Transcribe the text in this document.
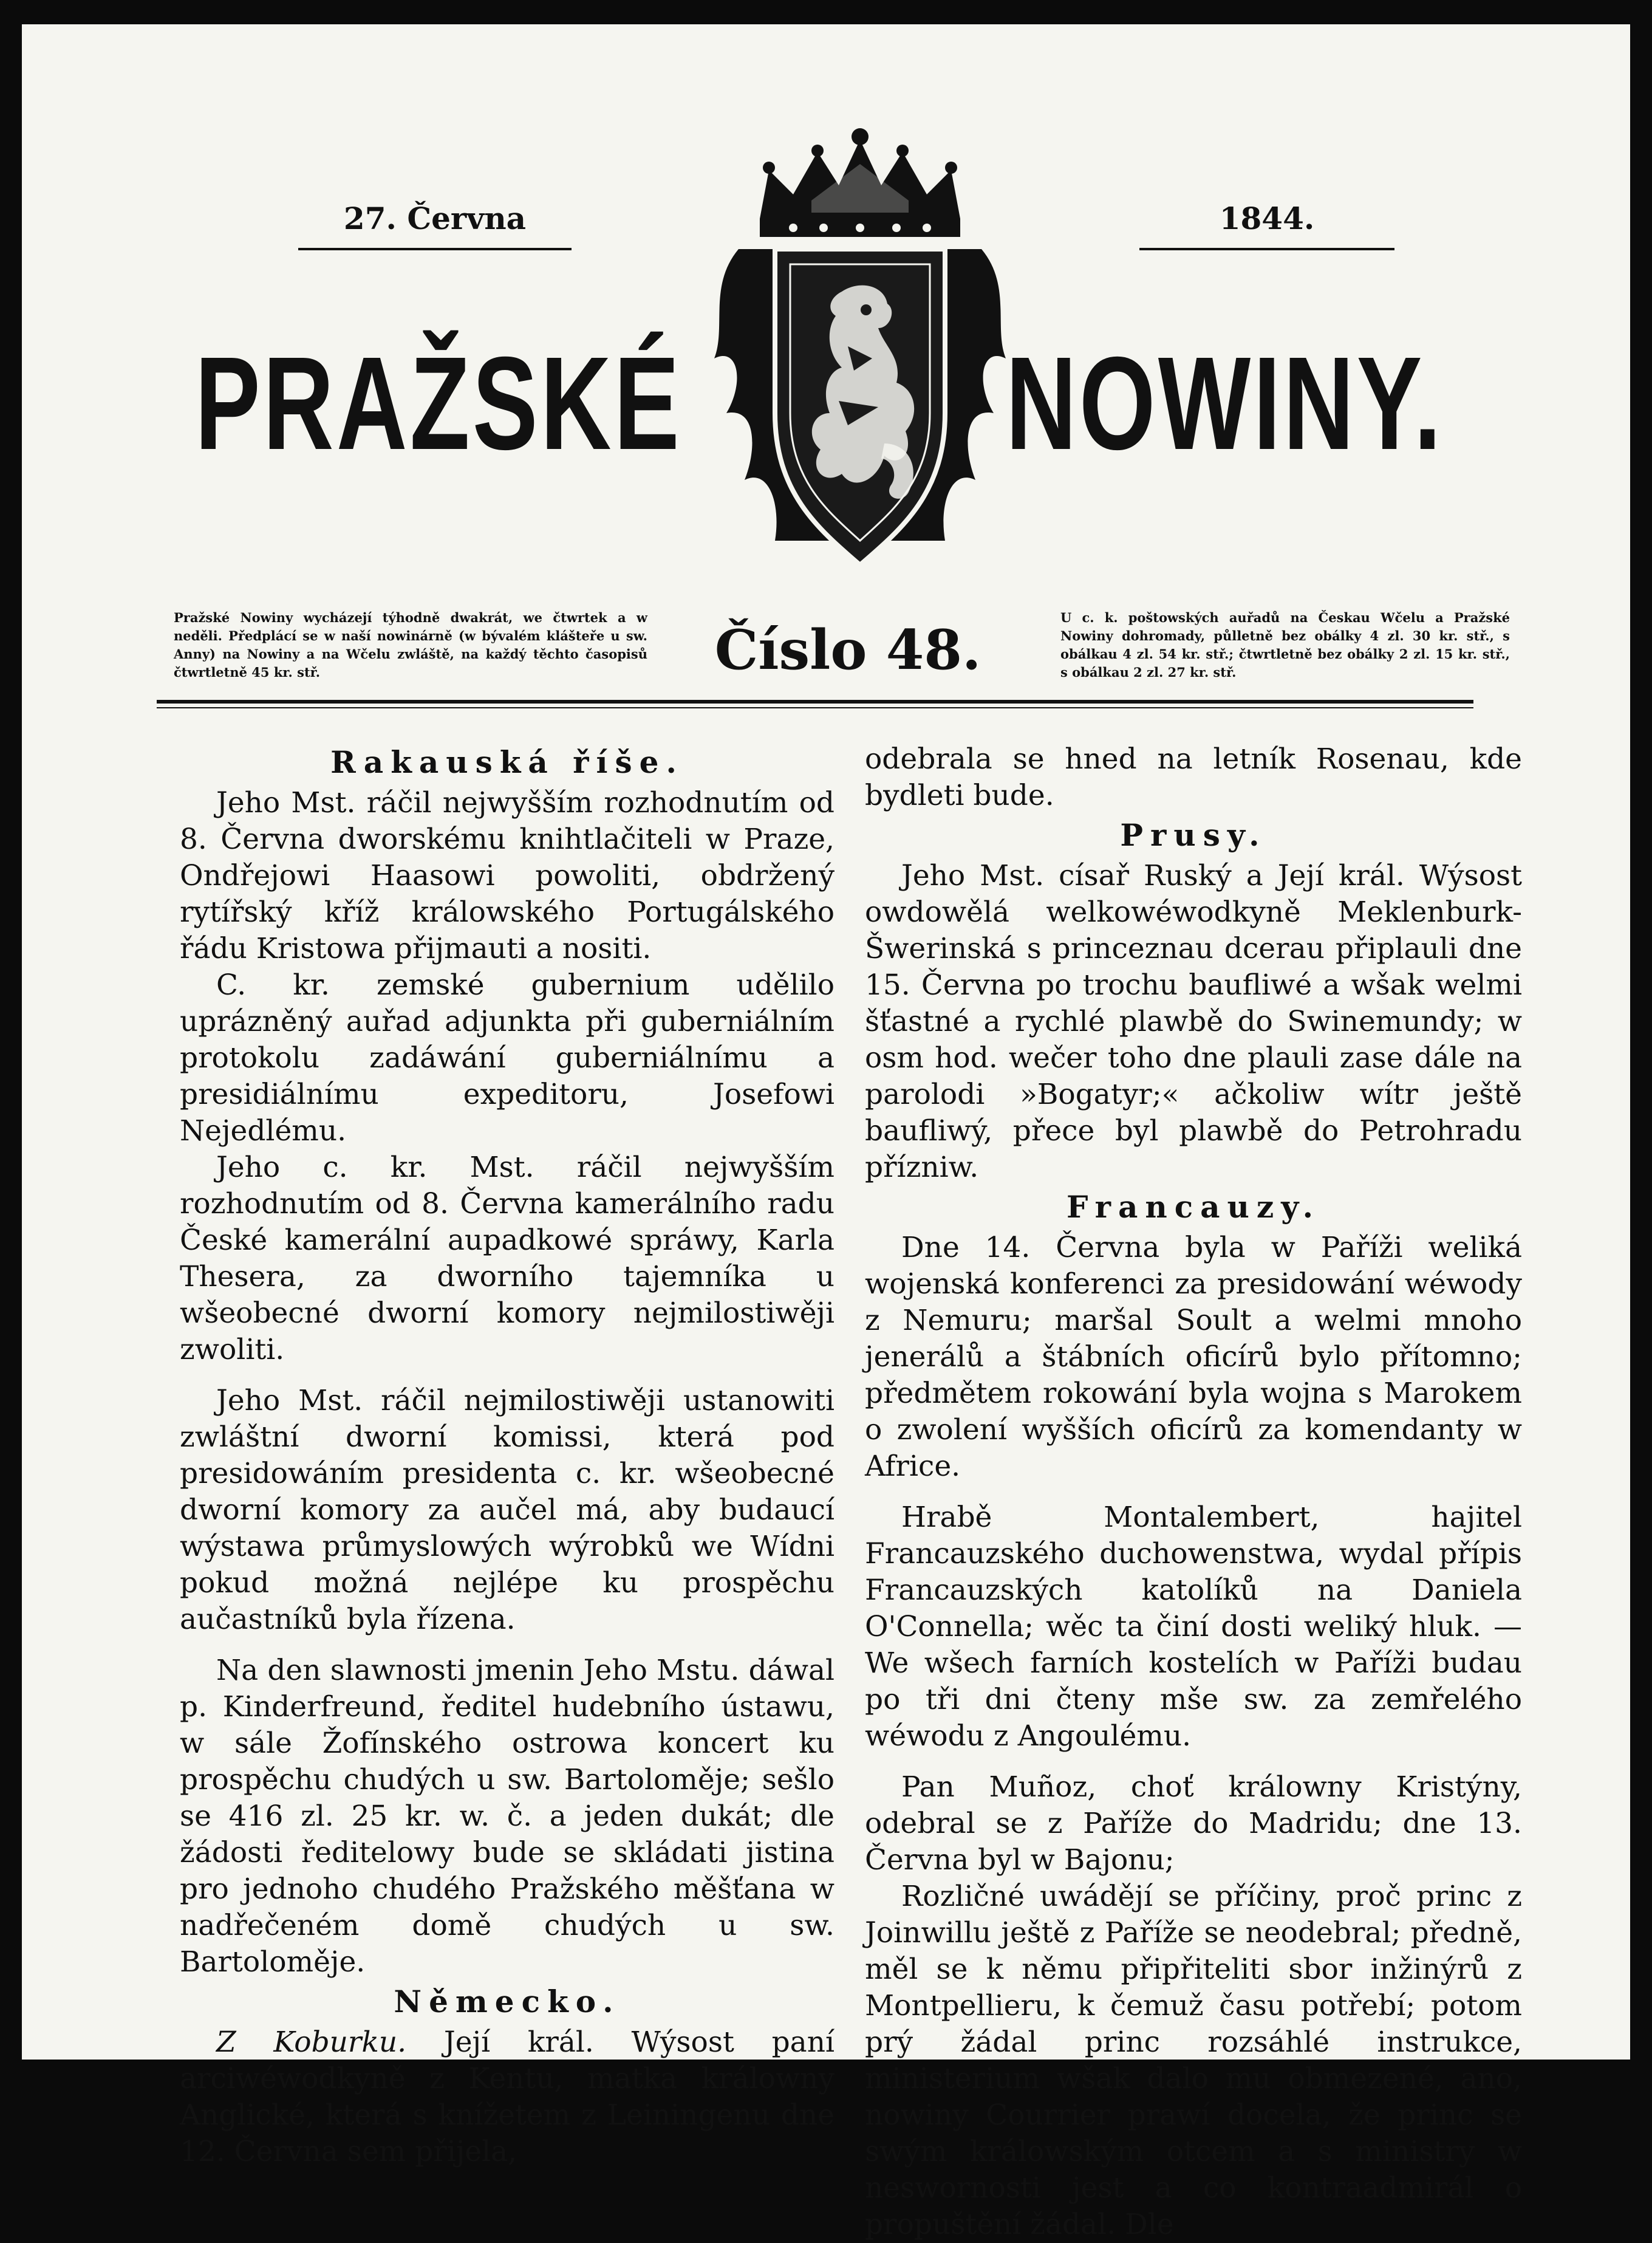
27. Června	1844.
PRAŽSKÉ NOWINY.
Pražské Nowiny wycházejí týhodně dwakrát, we čtwrtek a w neděli. Předplácí se w naší nowinárně (w bývalém klášteře u sw. Anny) na Nowiny a na Wčelu zwláště, na každý těchto časopisů čtwrtletně 45 kr. stř.	Číslo 48.
U c. k. poštowských auřadů na Českau Wčelu a Pražské Nowiny dohromady, půlletně bez obálky 4 zl. 30 kr. stř., s obálkau 4 zl. 54 kr. stř.; čtwrtletně bez obálky 2 zl. 15 kr. stř., s obálkau 2 zl. 27 kr. stř.
Rakauská říše.

Jeho Mst. ráčil nejwyšším rozhodnutím od 8. Června dworskému knihtlačiteli w Praze, Ondřejowi Haasowi powoliti, obdržený rytířský kříž králowského Portugálského řádu Kristowa přijmauti a nositi.

C. kr. zemské gubernium udělilo uprázněný auřad adjunkta při guberniálním protokolu zadáwání guberniálnímu a presidiálnímu expeditoru, Josefowi Nejedlému.

Jeho c. kr. Mst. ráčil nejwyšším rozhodnutím od 8. Června kamerálního radu České kamerální aupadkowé spráwy, Karla Thesera, za dworního tajemníka u wšeobecné dworní komory nejmilostiwěji zwoliti.

Jeho Mst. ráčil nejmilostiwěji ustanowiti zwláštní dworní komissi, která pod presidowáním presidenta c. kr. wšeobecné dworní komory za aučel má, aby budaucí wýstawa průmyslowých wýrobků we Wídni pokud možná nejlépe ku prospěchu aučastníků byla řízena.

Na den slawnosti jmenin Jeho Mstu. dáwal p. Kinderfreund, ředitel hudebního ústawu, w sále Žofínského ostrowa koncert ku prospěchu chudých u sw. Bartoloměje; sešlo se 416 zl. 25 kr. w. č. a jeden dukát; dle žádosti ředitelowy bude se skládati jistina pro jednoho chudého Pražského měšťana w nadřečeném domě chudých u sw. Bartoloměje.

Německo.

Z Koburku. Její král. Wýsost paní arciwéwodkyně z Kentu, matka králowny Anglické, která s knížetem z Leiningenu dne 12. Června sem přijela,

odebrala se hned na letník Rosenau, kde bydleti bude.

Prusy.

Jeho Mst. císař Ruský a Její král. Wýsost owdowělá welkowéwodkyně Meklenburk-Šwerinská s princeznau dcerau připlauli dne 15. Června po trochu baufliwé a wšak welmi šťastné a rychlé plawbě do Swinemundy; w osm hod. wečer toho dne plauli zase dále na parolodi »Bogatyr;« ačkoliw wítr ještě baufliwý, přece byl plawbě do Petrohradu příznіw.

Francauzy.

Dne 14. Června byla w Paříži weliká wojenská konferenci za presidowání wéwody z Nemuru; maršal Soult a welmi mnoho jenerálů a štábních oficírů bylo přítomno; předmětem rokowání byla wojna s Marokem o zwolení wyšších oficírů za komendanty w Africe.

Hrabě Montalembert, hajitel Francauzského duchowenstwa, wydal přípis Francauzských katolíků na Daniela O'Connella; wěc ta činí dosti weliký hluk. — We wšech farních kostelích w Paříži budau po tři dni čteny mše sw. za zemřelého wéwodu z Angoulému.

Pan Muñoz, choť králowny Kristýny, odebral se z Paříže do Madridu; dne 13. Června byl w Bajonu;

Rozličné uwádějí se příčiny, proč princ z Joinwillu ještě z Paříže se neodebral; předně, měl se k němu připřiteliti sbor inžinýrů z Montpellieru, k čemuž času potřebí; potom prý žádal princ rozsáhlé instrukce, ministerium wšak dalo mu obmezené, ano, nowiny Courrier prawí docela, že princ se swým králowským otcem a s ministry w neswornosti jest a co kontraadmirál o propuštění žádal. Dle
